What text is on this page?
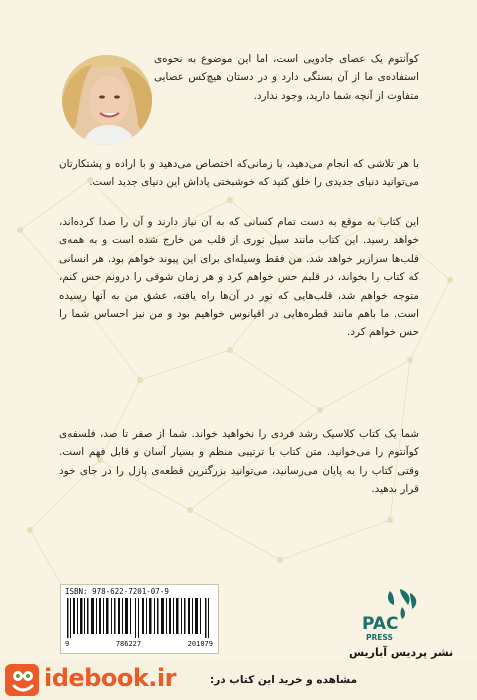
کوآنتوم یک عصای جادویی است، اما این موضوع به نحوه‌ی استفاده‌ی ما از آن بستگی دارد و در دستان هیچ‌کس عصایی متفاوت از آنچه شما دارید، وجود ندارد.
با هر تلاشی که انجام می‌دهید، با زمانی‌که اختصاص می‌دهید و با اراده و پشتکارتان می‌توانید دنیای جدیدی را خلق کنید که خوشبختی پاداش این دنیای جدید است.
این کتاب به موقع به دست تمام کسانی که به آن نیاز دارند و آن را صدا کرده‌اند، خواهد رسید. این کتاب مانند سیل نوری از قلب من خارج شده است و به همه‌ی قلب‌ها سرازیر خواهد شد. من فقط وسیله‌ای برای این پیوند خواهم بود. هر انسانی که کتاب را بخواند، در قلبم حس خواهم کرد و هر زمان شوقی را درونم حس کنم، متوجه خواهم شد، قلب‌هایی که نور در آن‌ها راه یافته، عشق من به آنها رسیده است. ما باهم مانند قطره‌هایی در اقیانوس خواهیم بود و من نیز احساس شما را حس خواهم کرد.
شما یک کتاب کلاسیک رشد فردی را نخواهید خواند. شما از صفر تا صد، فلسفه‌ی کوآنتوم را می‌خوانید. متن کتاب با ترتیبی منظم و بسیار آسان و قابل فهم است. وقتی کتاب را به پایان می‌رسانید، می‌توانید بزرگترین قطعه‌ی پازل را در جای خود قرار بدهید.
ISBN: 978-622-7201-07-9
9	786227	201079
PAC
PRESS
نشر پردیس آباریس
idebook.ir	مشاهده و خرید این کتاب در:
